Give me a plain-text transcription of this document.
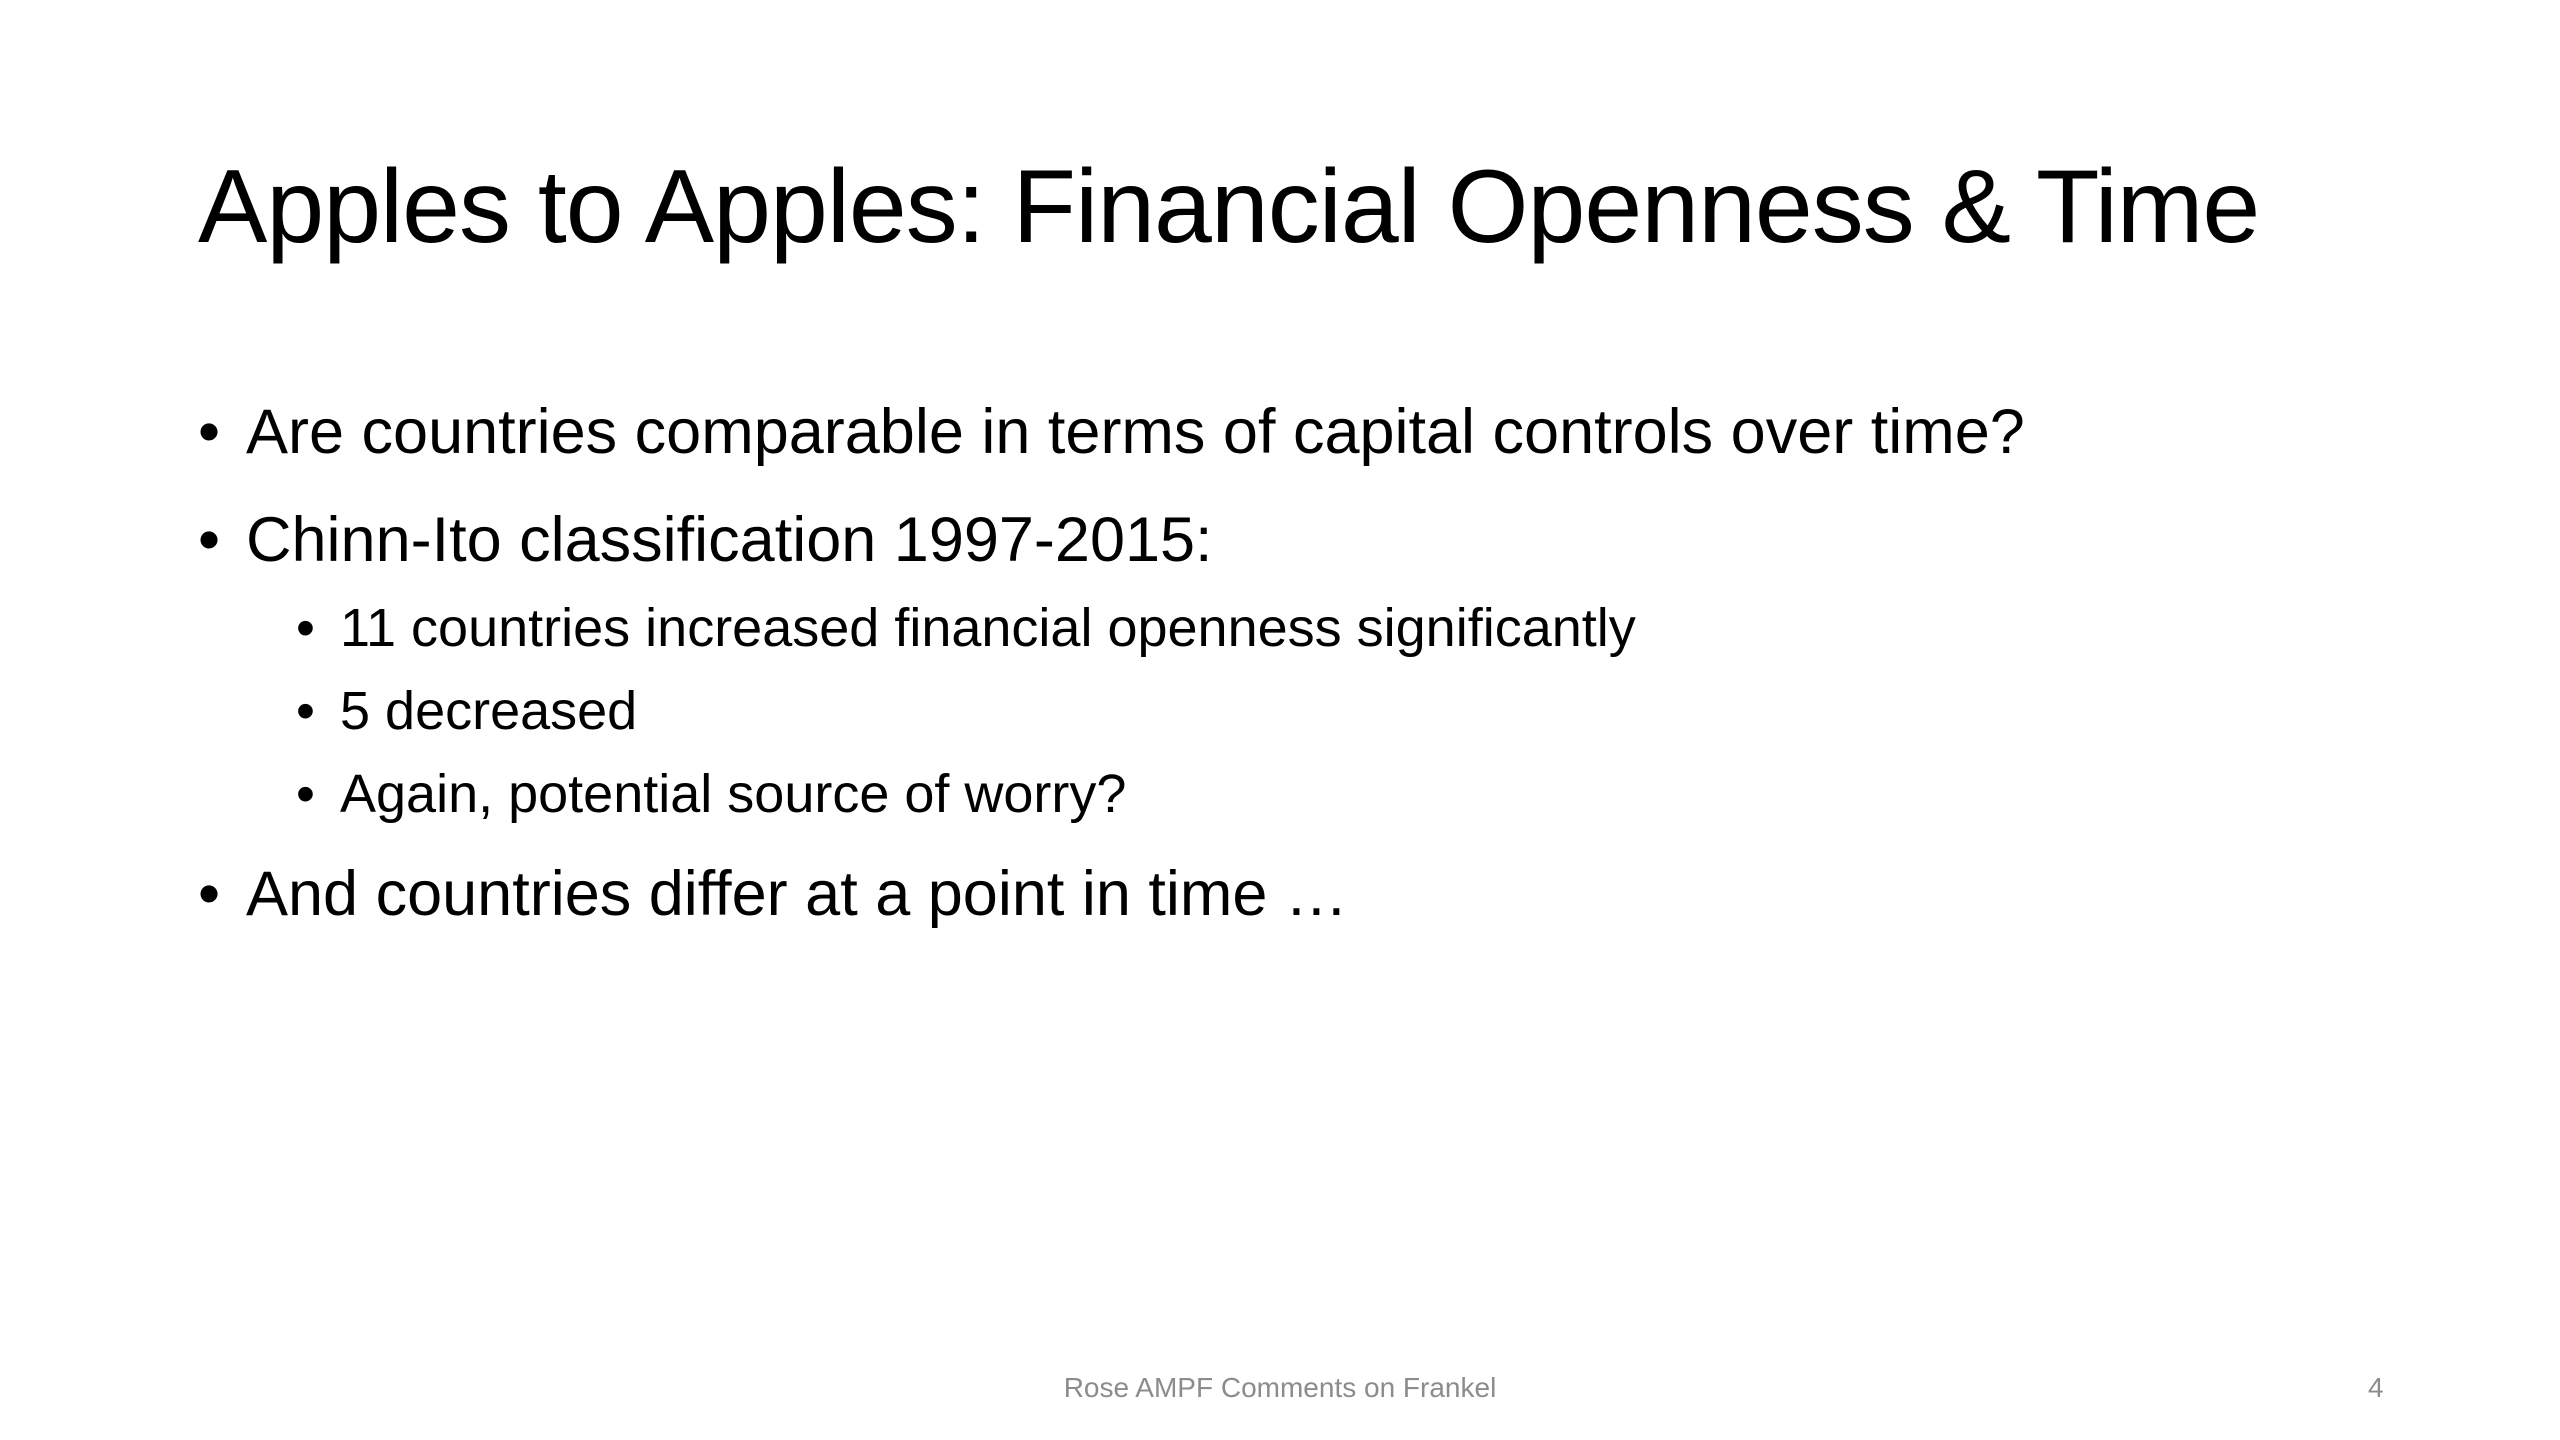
Apples to Apples: Financial Openness & Time
• Are countries comparable in terms of capital controls over time?
• Chinn-Ito classification 1997-2015:
• 11 countries increased financial openness significantly
• 5 decreased
• Again, potential source of worry?
• And countries differ at a point in time …
Rose AMPF Comments on Frankel	4
